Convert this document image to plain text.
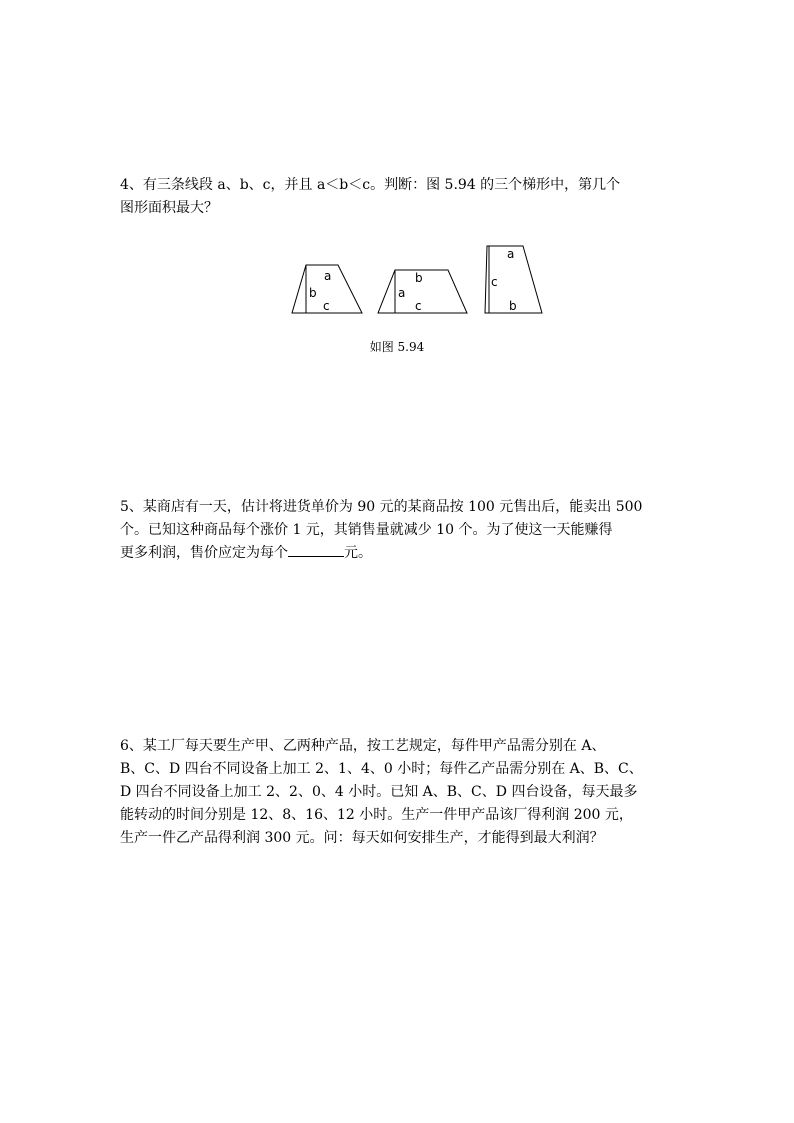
4、有三条线段 a、b、c，并且 a＜b＜c。判断：图 5.94 的三个梯形中，第几个

图形面积最大？

a
b
c
b
a
c
a
c
b
如图 5.94

5、某商店有一天，估计将进货单价为 90 元的某商品按 100 元售出后，能卖出 500

个。已知这种商品每个涨价 1 元，其销售量就减少 10 个。为了使这一天能赚得

更多利润，售价应定为每个	元。

6、某工厂每天要生产甲、乙两种产品，按工艺规定，每件甲产品需分别在 A、

B、C、D 四台不同设备上加工 2、1、4、0 小时；每件乙产品需分别在 A、B、C、

D 四台不同设备上加工 2、2、0、4 小时。已知 A、B、C、D 四台设备，每天最多

能转动的时间分别是 12、8、16、12 小时。生产一件甲产品该厂得利润 200 元，

生产一件乙产品得利润 300 元。问：每天如何安排生产，才能得到最大利润？
